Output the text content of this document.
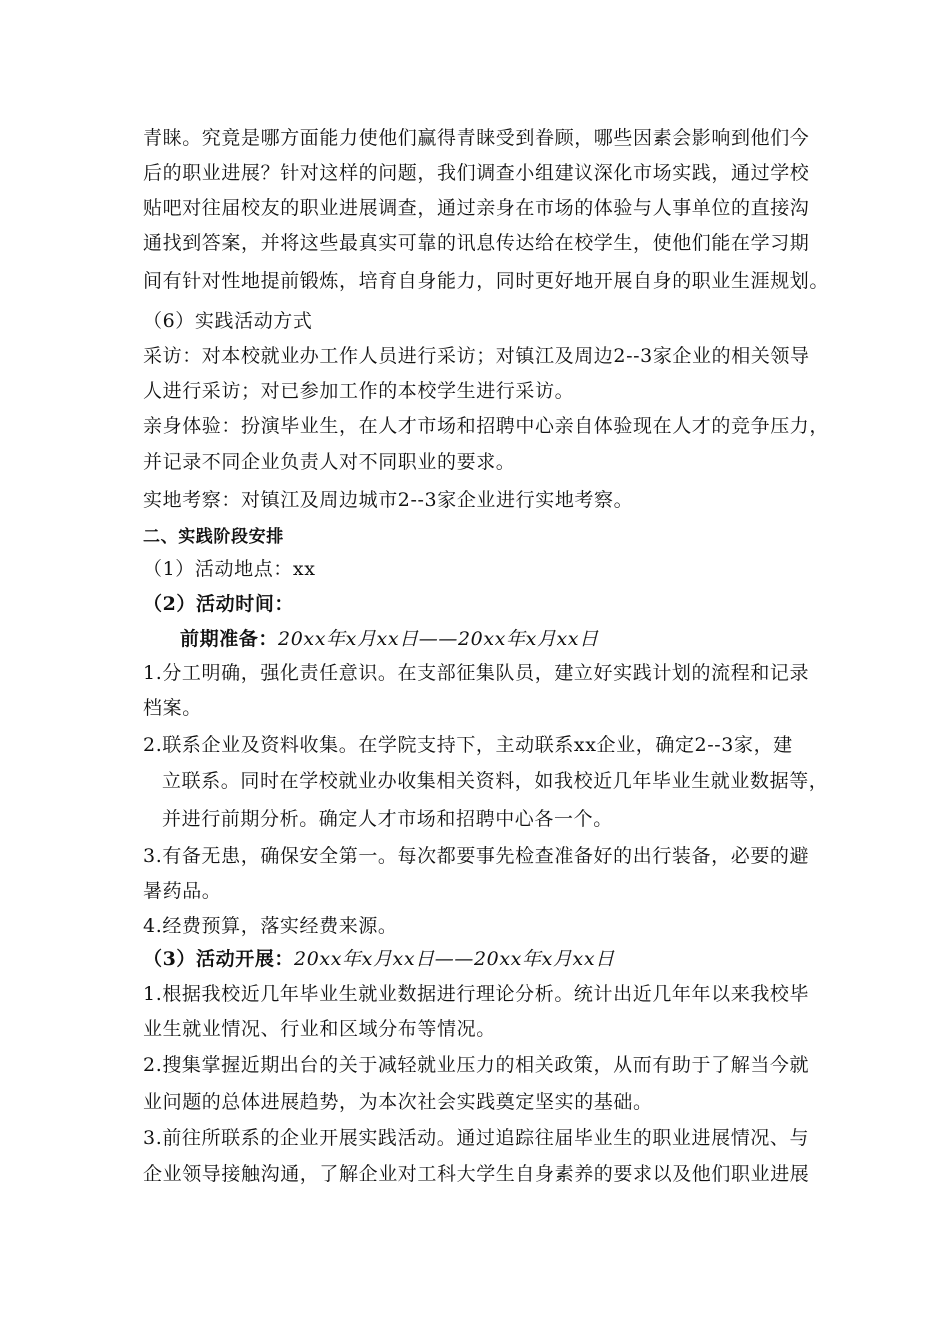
青睐。究竟是哪方面能力使他们赢得青睐受到眷顾，哪些因素会影响到他们今
后的职业进展？针对这样的问题，我们调查小组建议深化市场实践，通过学校
贴吧对往届校友的职业进展调查，通过亲身在市场的体验与人事单位的直接沟
通找到答案，并将这些最真实可靠的讯息传达给在校学生，使他们能在学习期
间有针对性地提前锻炼，培育自身能力，同时更好地开展自身的职业生涯规划。
（6）实践活动方式
采访：对本校就业办工作人员进行采访；对镇江及周边2--3家企业的相关领导
人进行采访；对已参加工作的本校学生进行采访。
亲身体验：扮演毕业生，在人才市场和招聘中心亲自体验现在人才的竞争压力，
并记录不同企业负责人对不同职业的要求。
实地考察：对镇江及周边城市2--3家企业进行实地考察。
二、实践阶段安排
（1）活动地点：xx
（2）活动时间：
前期准备：20xx年x月xx日——20xx年x月xx日
1.分工明确，强化责任意识。在支部征集队员，建立好实践计划的流程和记录
档案。
2.联系企业及资料收集。在学院支持下，主动联系xx企业，确定2--3家，建
立联系。同时在学校就业办收集相关资料，如我校近几年毕业生就业数据等，
并进行前期分析。确定人才市场和招聘中心各一个。
3.有备无患，确保安全第一。每次都要事先检查准备好的出行装备，必要的避
暑药品。
4.经费预算，落实经费来源。
（3）活动开展：20xx年x月xx日——20xx年x月xx日
1.根据我校近几年毕业生就业数据进行理论分析。统计出近几年年以来我校毕
业生就业情况、行业和区域分布等情况。
2.搜集掌握近期出台的关于减轻就业压力的相关政策，从而有助于了解当今就
业问题的总体进展趋势，为本次社会实践奠定坚实的基础。
3.前往所联系的企业开展实践活动。通过追踪往届毕业生的职业进展情况、与
企业领导接触沟通，了解企业对工科大学生自身素养的要求以及他们职业进展
